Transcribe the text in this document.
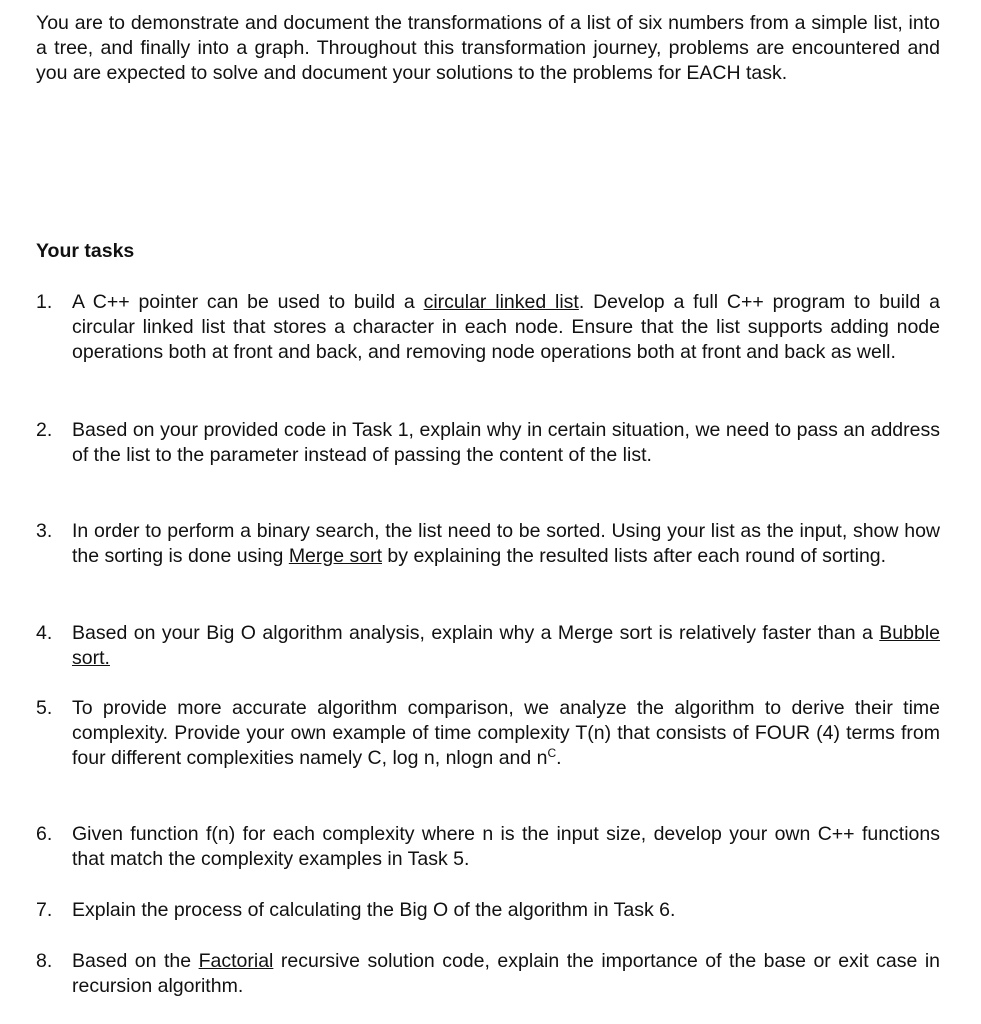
You are to demonstrate and document the transformations of a list of six numbers from a simple list, into a tree, and finally into a graph. Throughout this transformation journey, problems are encountered and you are expected to solve and document your solutions to the problems for EACH task.

Your tasks

1.	A C++ pointer can be used to build a circular linked list. Develop a full C++ program to build a circular linked list that stores a character in each node. Ensure that the list supports adding node operations both at front and back, and removing node operations both at front and back as well.
2.	Based on your provided code in Task 1, explain why in certain situation, we need to pass an address of the list to the parameter instead of passing the content of the list.
3.	In order to perform a binary search, the list need to be sorted. Using your list as the input, show how the sorting is done using Merge sort by explaining the resulted lists after each round of sorting.
4.	Based on your Big O algorithm analysis, explain why a Merge sort is relatively faster than a Bubble sort.
5.	To provide more accurate algorithm comparison, we analyze the algorithm to derive their time complexity. Provide your own example of time complexity T(n) that consists of FOUR (4) terms from four different complexities namely C, log n, nlogn and $n^C$.
6.	Given function f(n) for each complexity where n is the input size, develop your own C++ functions that match the complexity examples in Task 5.
7.	Explain the process of calculating the Big O of the algorithm in Task 6.
8.	Based on the Factorial recursive solution code, explain the importance of the base or exit case in recursion algorithm.
